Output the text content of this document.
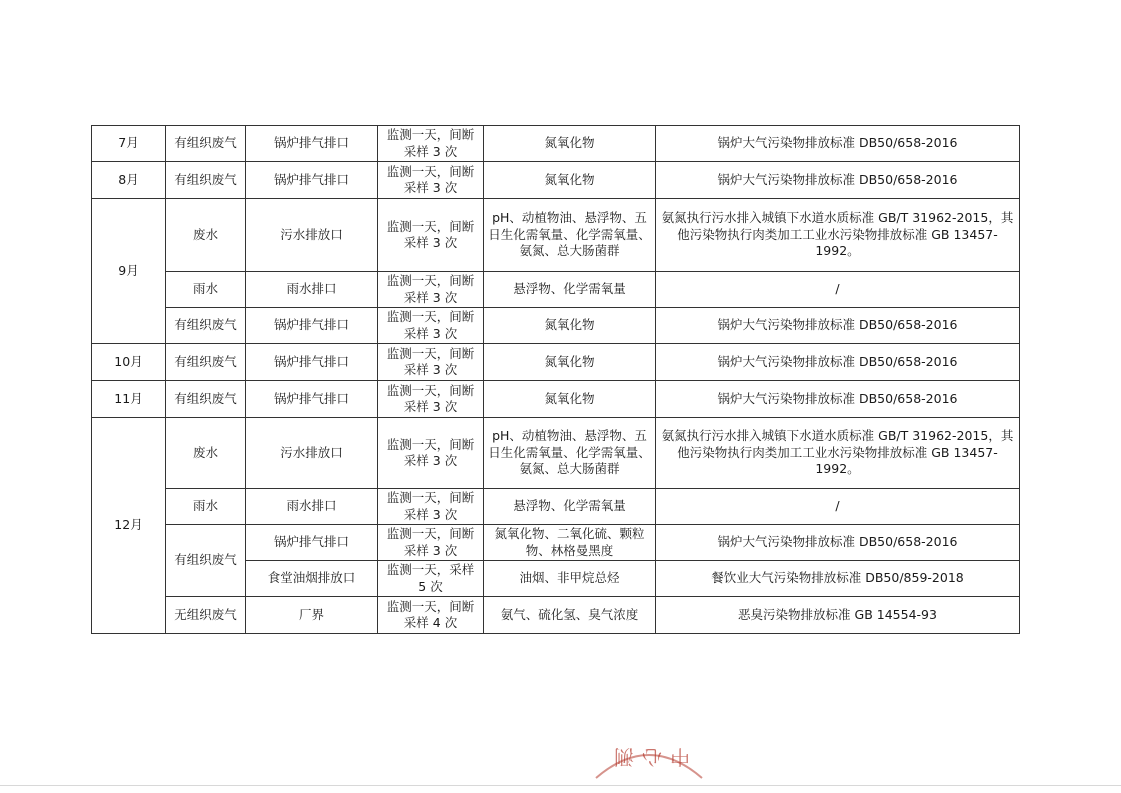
7月	有组织废气	锅炉排气排口	监测一天，间断采样 3 次	氮氧化物	锅炉大气污染物排放标准 DB50/658-2016
8月	有组织废气	锅炉排气排口	监测一天，间断采样 3 次	氮氧化物	锅炉大气污染物排放标准 DB50/658-2016
9月	废水	污水排放口	监测一天，间断采样 3 次	pH、动植物油、悬浮物、五日生化需氧量、化学需氧量、氨氮、总大肠菌群	氨氮执行污水排入城镇下水道水质标准 GB/T 31962-2015，其他污染物执行肉类加工工业水污染物排放标准 GB 13457-1992。
	雨水	雨水排口	监测一天，间断采样 3 次	悬浮物、化学需氧量	/
	有组织废气	锅炉排气排口	监测一天，间断采样 3 次	氮氧化物	锅炉大气污染物排放标准 DB50/658-2016
10月	有组织废气	锅炉排气排口	监测一天，间断采样 3 次	氮氧化物	锅炉大气污染物排放标准 DB50/658-2016
11月	有组织废气	锅炉排气排口	监测一天，间断采样 3 次	氮氧化物	锅炉大气污染物排放标准 DB50/658-2016
12月	废水	污水排放口	监测一天，间断采样 3 次	pH、动植物油、悬浮物、五日生化需氧量、化学需氧量、氨氮、总大肠菌群	氨氮执行污水排入城镇下水道水质标准 GB/T 31962-2015，其他污染物执行肉类加工工业水污染物排放标准 GB 13457-1992。
	雨水	雨水排口	监测一天，间断采样 3 次	悬浮物、化学需氧量	/
	有组织废气	锅炉排气排口	监测一天，间断采样 3 次	氮氧化物、二氧化硫、颗粒物、林格曼黑度	锅炉大气污染物排放标准 DB50/658-2016
		食堂油烟排放口	监测一天，采样 5 次	油烟、非甲烷总烃	餐饮业大气污染物排放标准 DB50/859-2018
	无组织废气	厂界	监测一天，间断采样 4 次	氨气、硫化氢、臭气浓度	恶臭污染物排放标准 GB 14554-93
中心测
